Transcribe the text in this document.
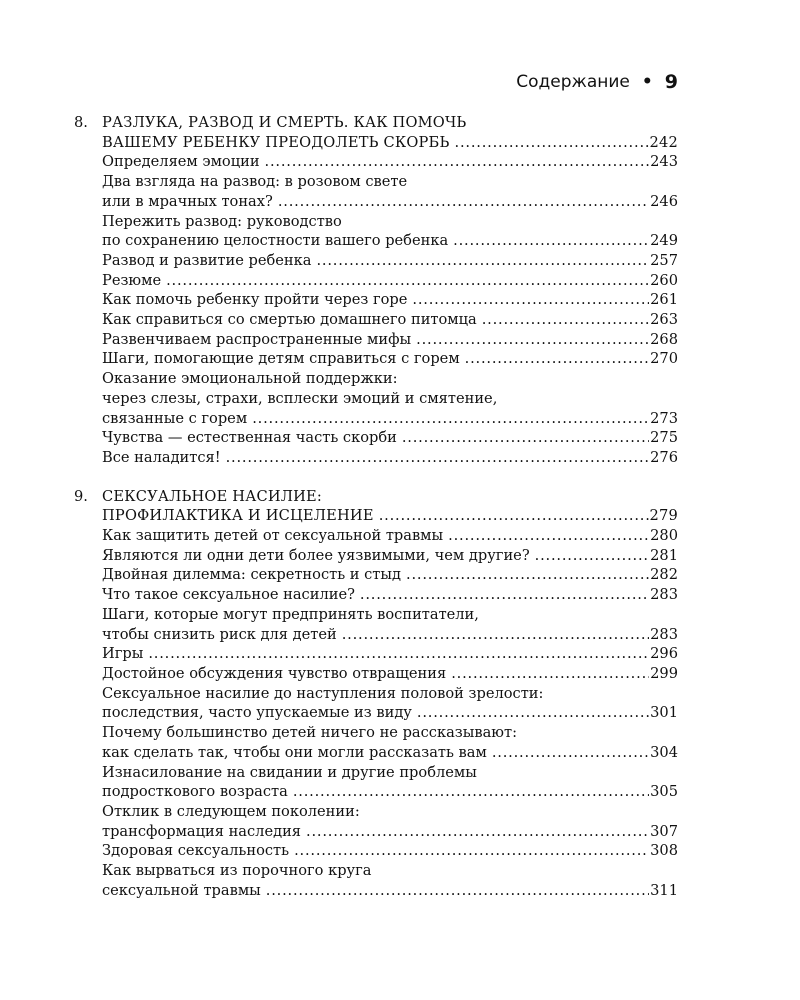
Содержание • 9
8. РАЗЛУКА, РАЗВОД И СМЕРТЬ. КАК ПОМОЧЬ
ВАШЕМУ РЕБЕНКУ ПРЕОДОЛЕТЬ СКОРБЬ .....	242
Определяем эмоции .....	243
Два взгляда на развод: в розовом свете
или в мрачных тонах? .....	246
Пережить развод: руководство
по сохранению целостности вашего ребенка .....	249
Развод и развитие ребенка .....	257
Резюме .....	260
Как помочь ребенку пройти через горе .....	261
Как справиться со смертью домашнего питомца .....	263
Развенчиваем распространенные мифы .....	268
Шаги, помогающие детям справиться с горем .....	270
Оказание эмоциональной поддержки:
через слезы, страхи, всплески эмоций и смятение,
связанные с горем .....	273
Чувства — естественная часть скорби .....	275
Все наладится! .....	276
9. СЕКСУАЛЬНОЕ НАСИЛИЕ:
ПРОФИЛАКТИКА И ИСЦЕЛЕНИЕ .....	279
Как защитить детей от сексуальной травмы .....	280
Являются ли одни дети более уязвимыми, чем другие? .....	281
Двойная дилемма: секретность и стыд .....	282
Что такое сексуальное насилие? .....	283
Шаги, которые могут предпринять воспитатели,
чтобы снизить риск для детей .....	283
Игры .....	296
Достойное обсуждения чувство отвращения .....	299
Сексуальное насилие до наступления половой зрелости:
последствия, часто упускаемые из виду .....	301
Почему большинство детей ничего не рассказывают:
как сделать так, чтобы они могли рассказать вам .....	304
Изнасилование на свидании и другие проблемы
подросткового возраста .....	305
Отклик в следующем поколении:
трансформация наследия .....	307
Здоровая сексуальность .....	308
Как вырваться из порочного круга
сексуальной травмы .....	311
